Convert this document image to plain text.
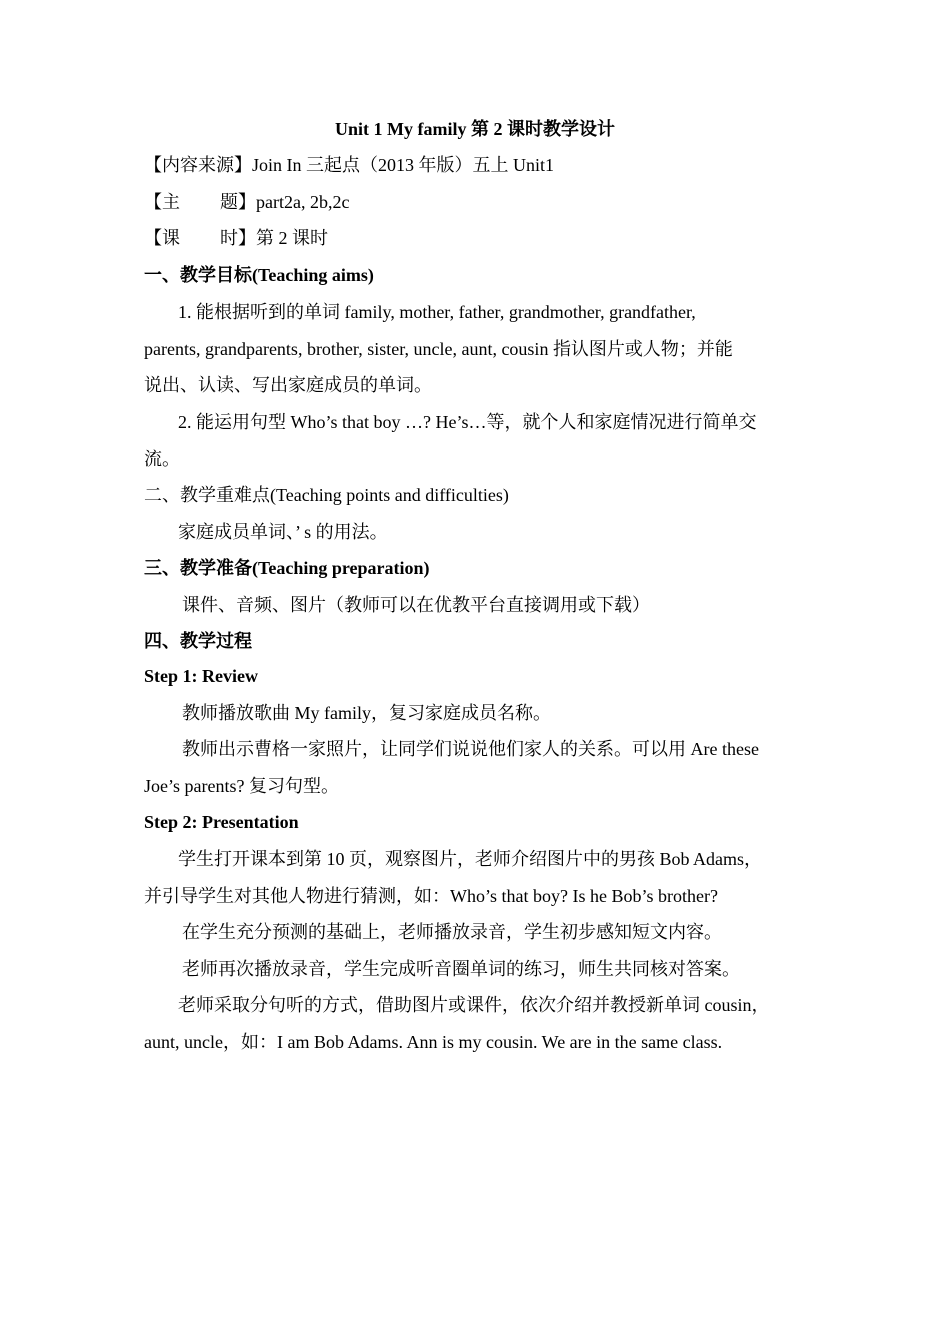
Unit 1 My family 第 2 课时教学设计
【内容来源】Join In 三起点（2013 年版）五上 Unit1
【主 题】part2a, 2b,2c
【课 时】第 2 课时
一、教学目标(Teaching aims)
1. 能根据听到的单词 family, mother, father, grandmother, grandfather,
parents, grandparents, brother, sister, uncle, aunt, cousin 指认图片或人物；并能
说出、认读、写出家庭成员的单词。
2. 能运用句型 Who’s that boy …? He’s…等，就个人和家庭情况进行简单交
流。
二、教学重难点(Teaching points and difficulties)
家庭成员单词、’ s 的用法。
三、教学准备(Teaching preparation)
课件、音频、图片（教师可以在优教平台直接调用或下载）
四、教学过程
Step 1: Review
教师播放歌曲 My family，复习家庭成员名称。
教师出示曹格一家照片，让同学们说说他们家人的关系。可以用 Are these
Joe’s parents? 复习句型。
Step 2: Presentation
学生打开课本到第 10 页，观察图片，老师介绍图片中的男孩 Bob Adams，
并引导学生对其他人物进行猜测，如：Who’s that boy? Is he Bob’s brother?
在学生充分预测的基础上，老师播放录音，学生初步感知短文内容。
老师再次播放录音，学生完成听音圈单词的练习，师生共同核对答案。
老师采取分句听的方式，借助图片或课件，依次介绍并教授新单词 cousin，
aunt, uncle，如：I am Bob Adams. Ann is my cousin. We are in the same class.
